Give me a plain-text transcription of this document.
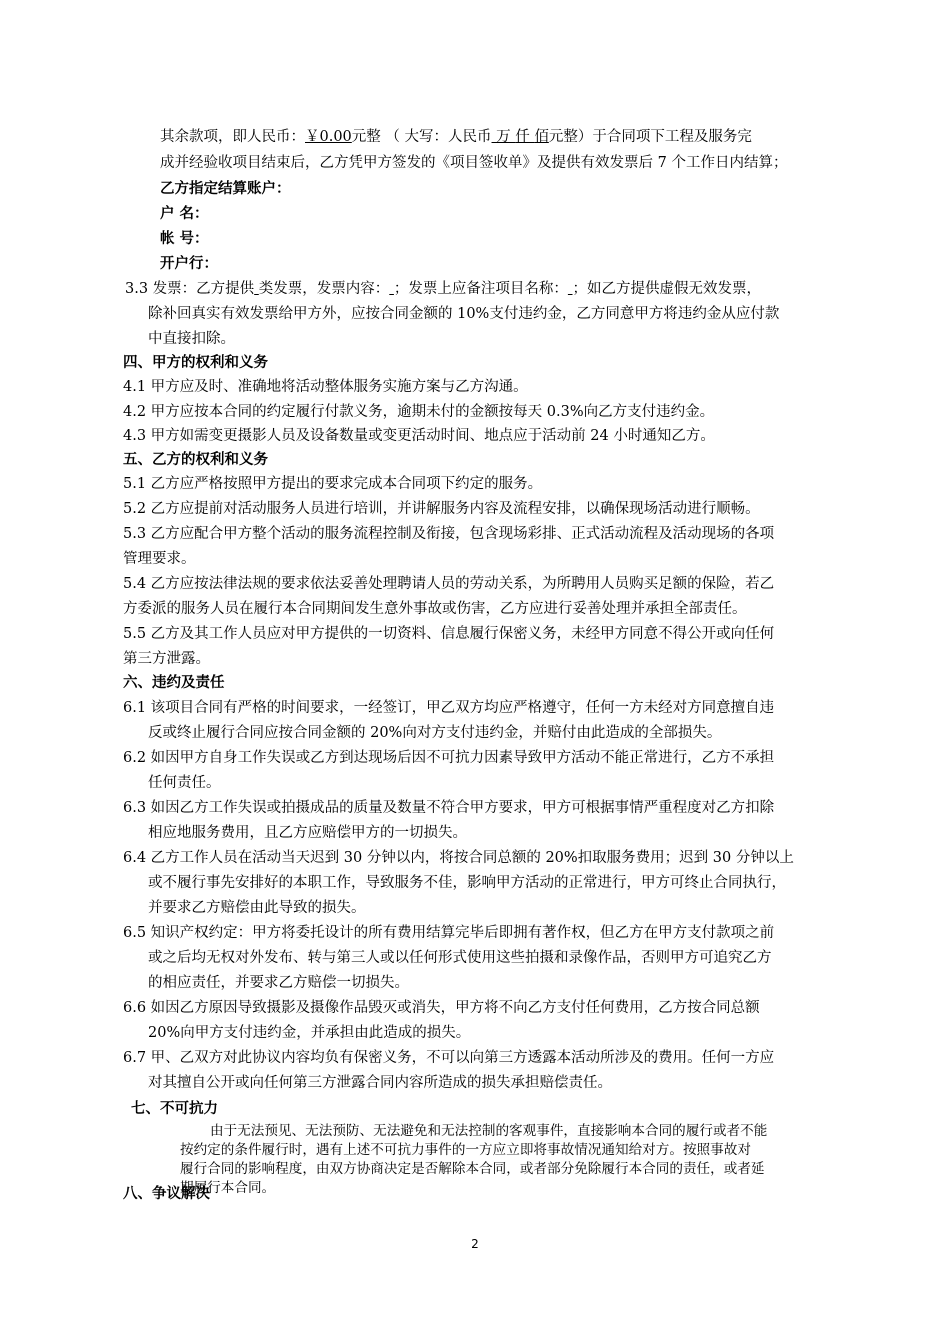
其余款项，即人民币：￥0.00元整 （ 大写：人民币 万 仟 佰元整）于合同项下工程及服务完
成并经验收项目结束后，乙方凭甲方签发的《项目签收单》及提供有效发票后 7 个工作日内结算；
乙方指定结算账户：
户 名：
帐 号：
开户行：
3.3 发票：乙方提供 类发票，发票内容： ；发票上应备注项目名称： ；如乙方提供虚假无效发票，
除补回真实有效发票给甲方外，应按合同金额的 10%支付违约金，乙方同意甲方将违约金从应付款
中直接扣除。
四、甲方的权利和义务
4.1 甲方应及时、准确地将活动整体服务实施方案与乙方沟通。
4.2 甲方应按本合同的约定履行付款义务，逾期未付的金额按每天 0.3%向乙方支付违约金。
4.3 甲方如需变更摄影人员及设备数量或变更活动时间、地点应于活动前 24 小时通知乙方。
五、乙方的权利和义务
5.1 乙方应严格按照甲方提出的要求完成本合同项下约定的服务。
5.2 乙方应提前对活动服务人员进行培训，并讲解服务内容及流程安排，以确保现场活动进行顺畅。
5.3 乙方应配合甲方整个活动的服务流程控制及衔接，包含现场彩排、正式活动流程及活动现场的各项
管理要求。
5.4 乙方应按法律法规的要求依法妥善处理聘请人员的劳动关系，为所聘用人员购买足额的保险，若乙
方委派的服务人员在履行本合同期间发生意外事故或伤害，乙方应进行妥善处理并承担全部责任。
5.5 乙方及其工作人员应对甲方提供的一切资料、信息履行保密义务，未经甲方同意不得公开或向任何
第三方泄露。
六、违约及责任
6.1 该项目合同有严格的时间要求，一经签订，甲乙双方均应严格遵守，任何一方未经对方同意擅自违
反或终止履行合同应按合同金额的 20%向对方支付违约金，并赔付由此造成的全部损失。
6.2 如因甲方自身工作失误或乙方到达现场后因不可抗力因素导致甲方活动不能正常进行，乙方不承担
任何责任。
6.3 如因乙方工作失误或拍摄成品的质量及数量不符合甲方要求，甲方可根据事情严重程度对乙方扣除
相应地服务费用，且乙方应赔偿甲方的一切损失。
6.4 乙方工作人员在活动当天迟到 30 分钟以内，将按合同总额的 20%扣取服务费用；迟到 30 分钟以上
或不履行事先安排好的本职工作，导致服务不佳，影响甲方活动的正常进行，甲方可终止合同执行，
并要求乙方赔偿由此导致的损失。
6.5 知识产权约定：甲方将委托设计的所有费用结算完毕后即拥有著作权，但乙方在甲方支付款项之前
或之后均无权对外发布、转与第三人或以任何形式使用这些拍摄和录像作品，否则甲方可追究乙方
的相应责任，并要求乙方赔偿一切损失。
6.6 如因乙方原因导致摄影及摄像作品毁灭或消失，甲方将不向乙方支付任何费用，乙方按合同总额
20%向甲方支付违约金，并承担由此造成的损失。
6.7 甲、乙双方对此协议内容均负有保密义务，不可以向第三方透露本活动所涉及的费用。任何一方应
对其擅自公开或向任何第三方泄露合同内容所造成的损失承担赔偿责任。
七、不可抗力
由于无法预见、无法预防、无法避免和无法控制的客观事件，直接影响本合同的履行或者不能
按约定的条件履行时，遇有上述不可抗力事件的一方应立即将事故情况通知给对方。按照事故对
履行合同的影响程度，由双方协商决定是否解除本合同，或者部分免除履行本合同的责任，或者延
期履行本合同。
八、争议解决
2
